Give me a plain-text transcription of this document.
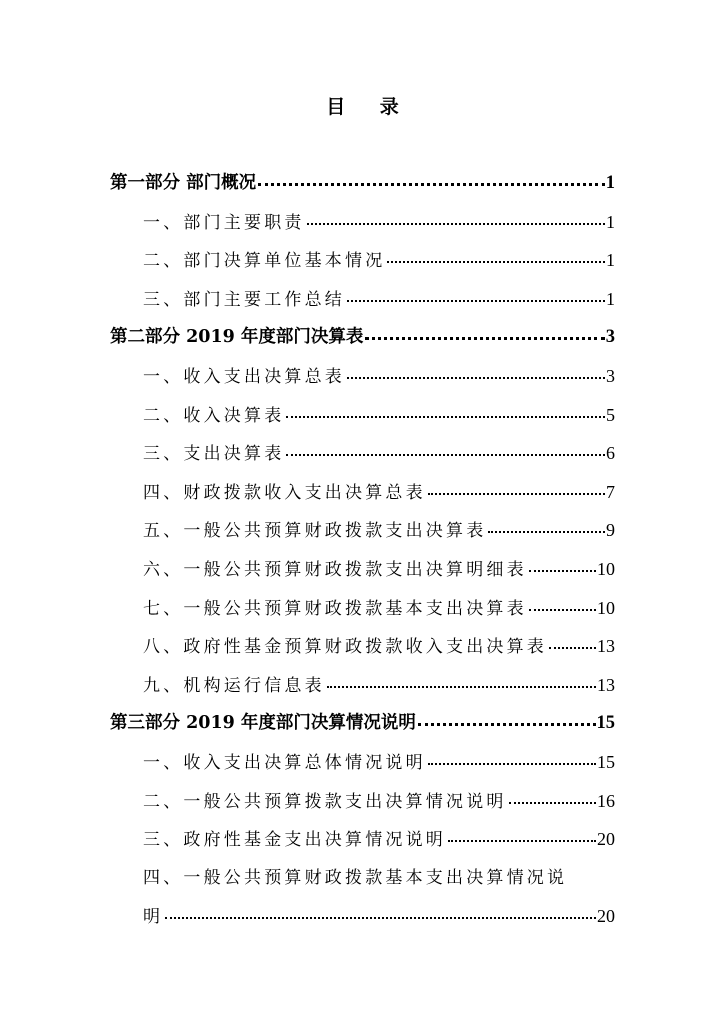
目 录
第一部分 部门概况	1
一、部门主要职责	1
二、部门决算单位基本情况	1
三、部门主要工作总结	1
第二部分 2019 年度部门决算表	3
一、收入支出决算总表	3
二、收入决算表	5
三、支出决算表	6
四、财政拨款收入支出决算总表	7
五、一般公共预算财政拨款支出决算表	9
六、一般公共预算财政拨款支出决算明细表	10
七、一般公共预算财政拨款基本支出决算表	10
八、政府性基金预算财政拨款收入支出决算表	13
九、机构运行信息表	13
第三部分 2019 年度部门决算情况说明	15
一、收入支出决算总体情况说明	15
二、一般公共预算拨款支出决算情况说明	16
三、政府性基金支出决算情况说明	20
四、一般公共预算财政拨款基本支出决算情况说
明	20
